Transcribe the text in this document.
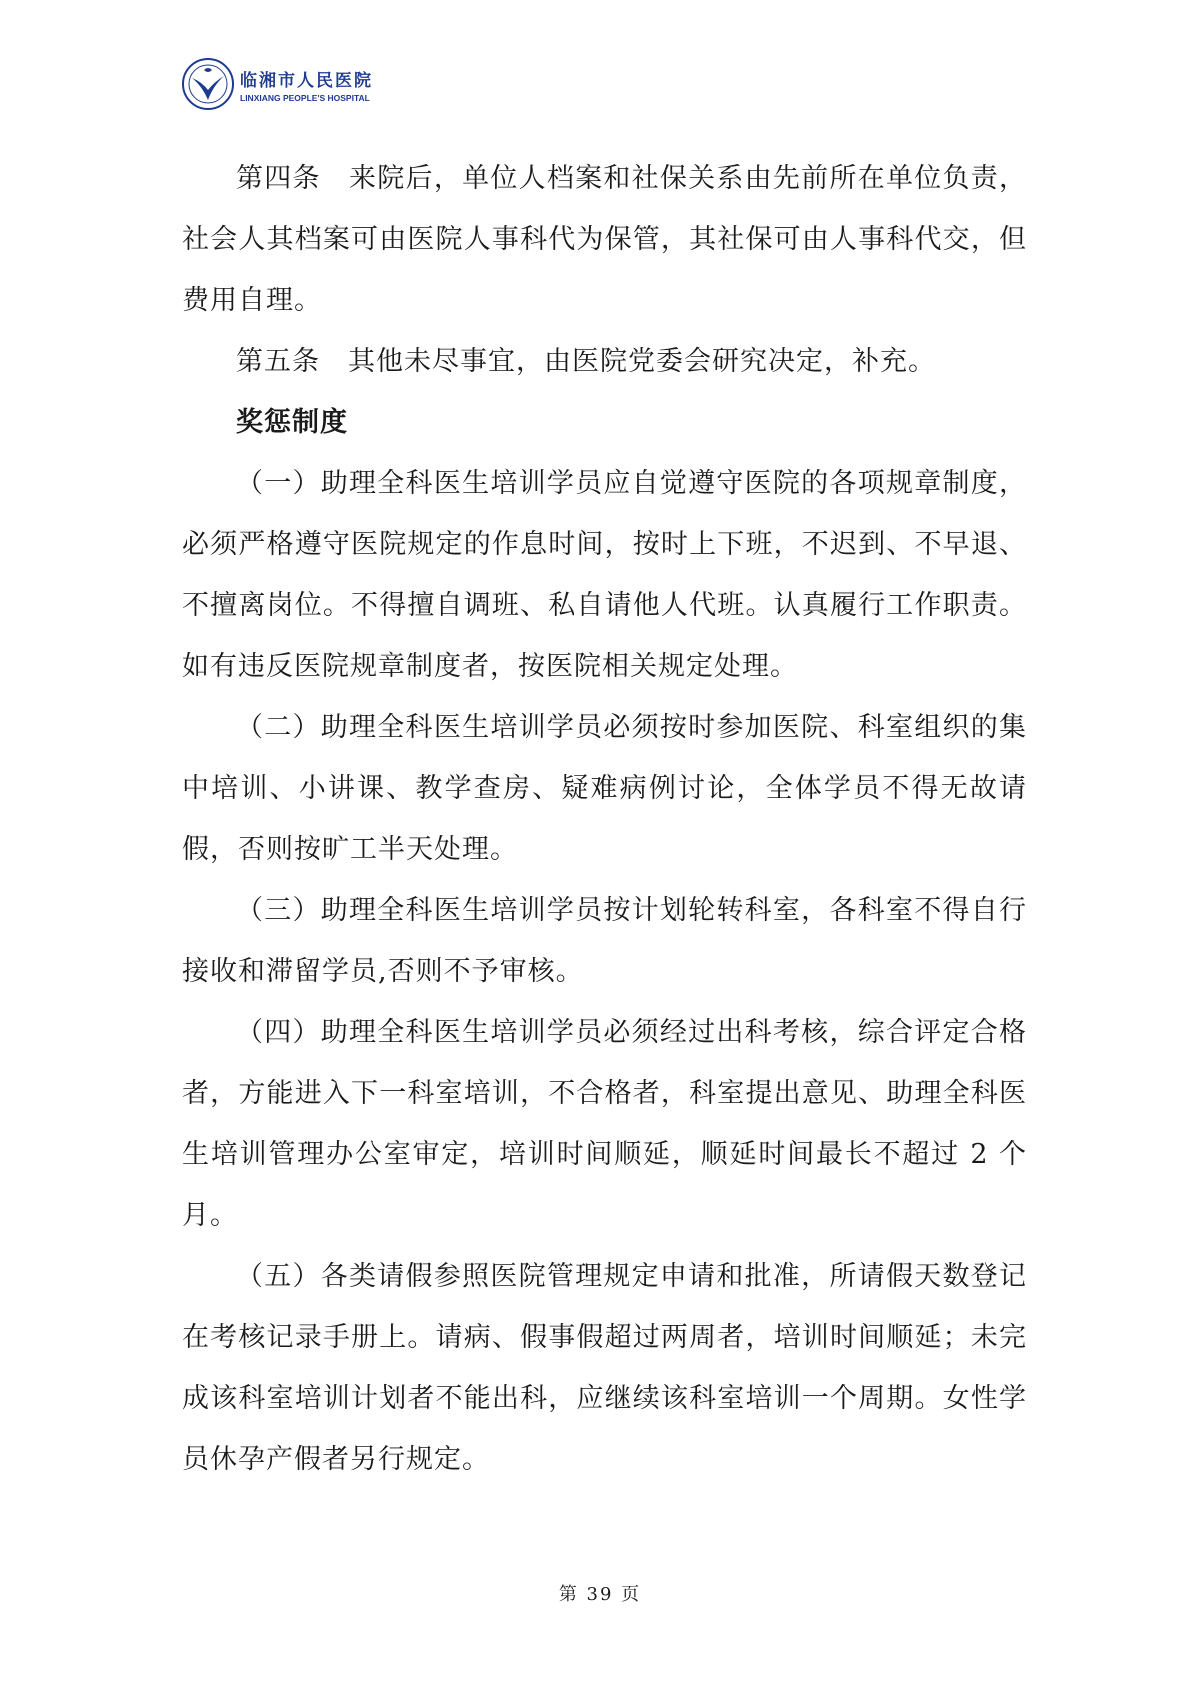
临湘市人民医院
LINXIANG PEOPLE'S HOSPITAL

第四条　来院后，单位人档案和社保关系由先前所在单位负责，社会人其档案可由医院人事科代为保管，其社保可由人事科代交，但费用自理。

第五条　其他未尽事宜，由医院党委会研究决定，补充。

奖惩制度

（一）助理全科医生培训学员应自觉遵守医院的各项规章制度，必须严格遵守医院规定的作息时间，按时上下班，不迟到、不早退、不擅离岗位。不得擅自调班、私自请他人代班。认真履行工作职责。如有违反医院规章制度者，按医院相关规定处理。

（二）助理全科医生培训学员必须按时参加医院、科室组织的集中培训、小讲课、教学查房、疑难病例讨论，全体学员不得无故请假，否则按旷工半天处理。

（三）助理全科医生培训学员按计划轮转科室，各科室不得自行接收和滞留学员,否则不予审核。

（四）助理全科医生培训学员必须经过出科考核，综合评定合格者，方能进入下一科室培训，不合格者，科室提出意见、助理全科医生培训管理办公室审定，培训时间顺延，顺延时间最长不超过 2 个月。

（五）各类请假参照医院管理规定申请和批准，所请假天数登记在考核记录手册上。请病、假事假超过两周者，培训时间顺延；未完成该科室培训计划者不能出科，应继续该科室培训一个周期。女性学员休孕产假者另行规定。

第 39 页
